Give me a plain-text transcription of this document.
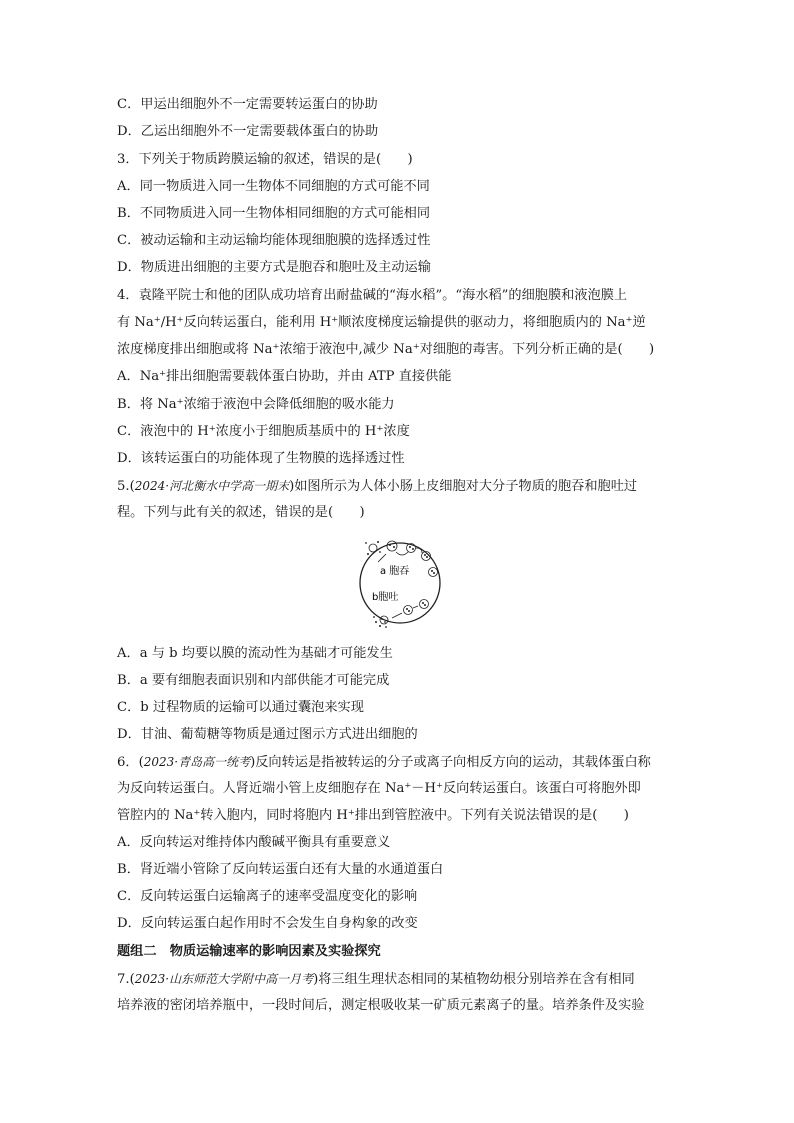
C．甲运出细胞外不一定需要转运蛋白的协助
D．乙运出细胞外不一定需要载体蛋白的协助
3．下列关于物质跨膜运输的叙述，错误的是(　　)
A．同一物质进入同一生物体不同细胞的方式可能不同
B．不同物质进入同一生物体相同细胞的方式可能相同
C．被动运输和主动运输均能体现细胞膜的选择透过性
D．物质进出细胞的主要方式是胞吞和胞吐及主动运输
4．袁隆平院士和他的团队成功培育出耐盐碱的“海水稻”。“海水稻”的细胞膜和液泡膜上
有 Na⁺/H⁺反向转运蛋白，能利用 H⁺顺浓度梯度运输提供的驱动力，将细胞质内的 Na⁺逆
浓度梯度排出细胞或将 Na⁺浓缩于液泡中,减少 Na⁺对细胞的毒害。下列分析正确的是(　　)
A．Na⁺排出细胞需要载体蛋白协助，并由 ATP 直接供能
B．将 Na⁺浓缩于液泡中会降低细胞的吸水能力
C．液泡中的 H⁺浓度小于细胞质基质中的 H⁺浓度
D．该转运蛋白的功能体现了生物膜的选择透过性
5.(2024·河北衡水中学高一期末)如图所示为人体小肠上皮细胞对大分子物质的胞吞和胞吐过
程。下列与此有关的叙述，错误的是(　　)
a 胞吞
b胞吐
A．a 与 b 均要以膜的流动性为基础才可能发生
B．a 要有细胞表面识别和内部供能才可能完成
C．b 过程物质的运输可以通过囊泡来实现
D．甘油、葡萄糖等物质是通过图示方式进出细胞的
6．(2023·青岛高一统考)反向转运是指被转运的分子或离子向相反方向的运动，其载体蛋白称
为反向转运蛋白。人肾近端小管上皮细胞存在 Na⁺－H⁺反向转运蛋白。该蛋白可将胞外即
管腔内的 Na⁺转入胞内，同时将胞内 H⁺排出到管腔液中。下列有关说法错误的是(　　)
A．反向转运对维持体内酸碱平衡具有重要意义
B．肾近端小管除了反向转运蛋白还有大量的水通道蛋白
C．反向转运蛋白运输离子的速率受温度变化的影响
D．反向转运蛋白起作用时不会发生自身构象的改变
题组二　物质运输速率的影响因素及实验探究
7.(2023·山东师范大学附中高一月考)将三组生理状态相同的某植物幼根分别培养在含有相同
培养液的密闭培养瓶中，一段时间后，测定根吸收某一矿质元素离子的量。培养条件及实验
